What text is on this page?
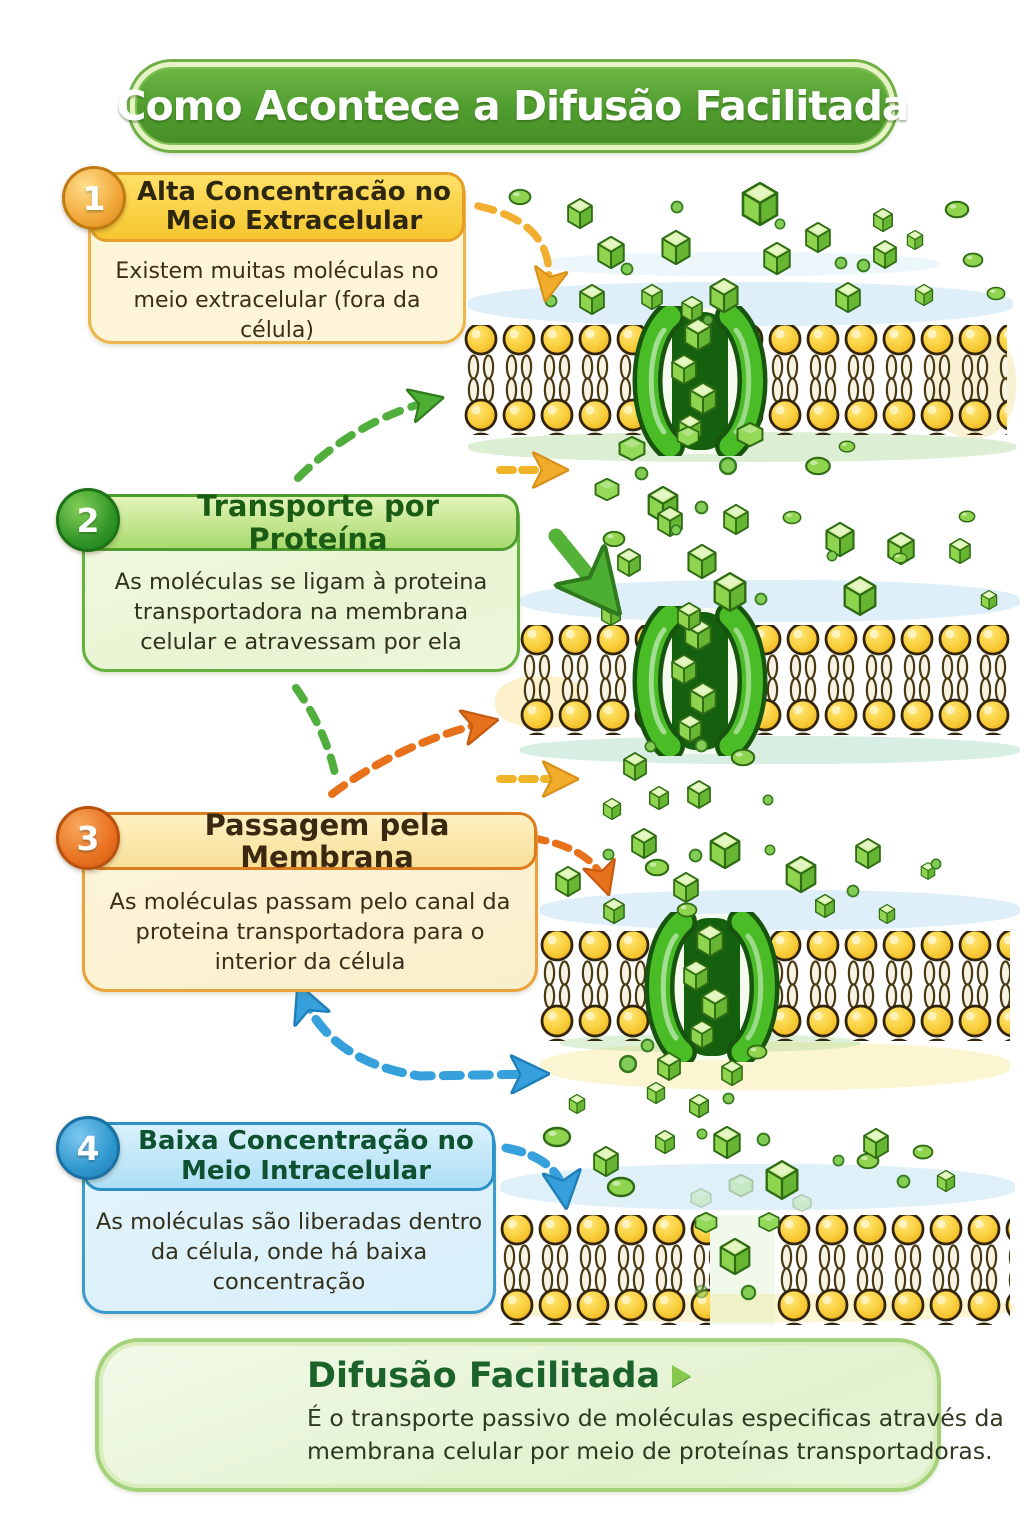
Como Acontece a Difusão Facilitada
Alta Concentracão no Meio Extracelular
Existem muitas moléculas no meio extracelular (fora da célula)
1
Transporte por Proteína
As moléculas se ligam à proteina transportadora na membrana celular e atravessam por ela
2
Passagem pela Membrana
As moléculas passam pelo canal da proteina transportadora para o interior da célula
3
Baixa Concentração no Meio Intracelular
As moléculas são liberadas dentro da célula, onde há baixa concentração
4
Difusão Facilitada
É o transporte passivo de moléculas especificas através da membrana celular por meio de proteínas transportadoras.
